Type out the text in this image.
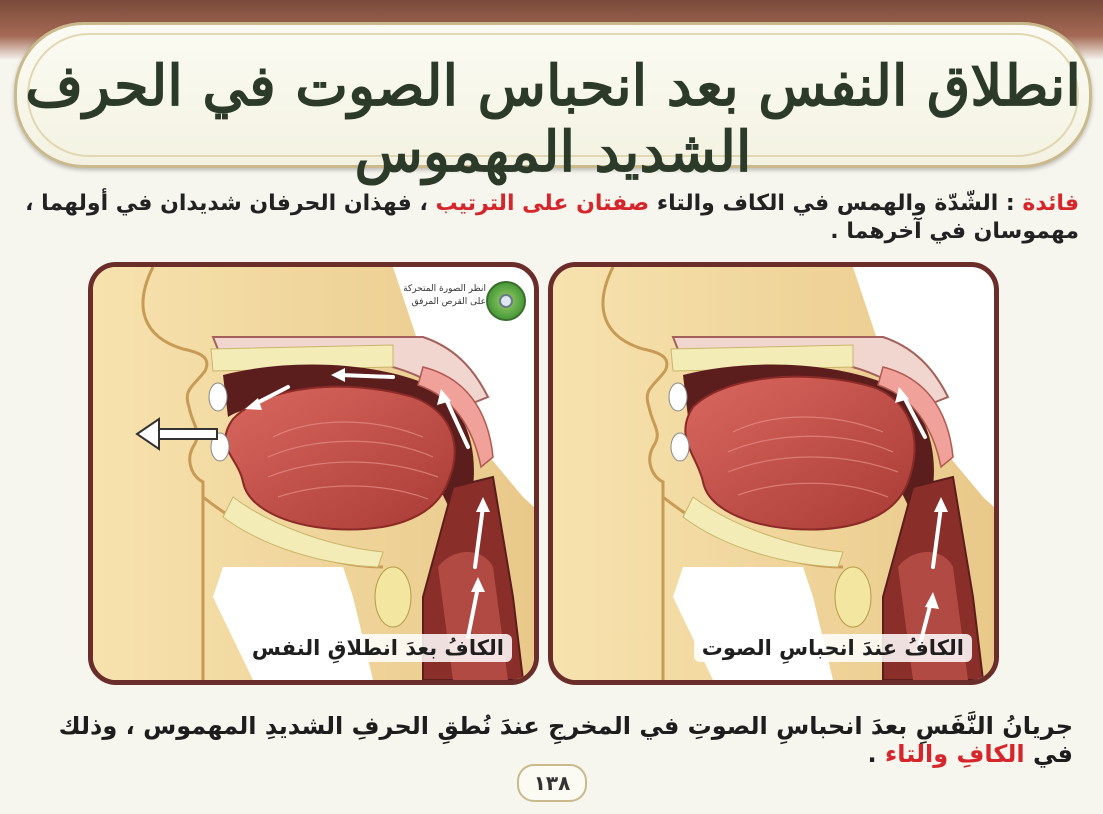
انطلاق النفس بعد انحباس الصوت في الحرف الشديد المهموس
فائدة : الشّدّة والهمس في الكاف والتاء صفتان على الترتيب ، فهذان الحرفان شديدان في أولهما ، مهموسان في آخرهما .
انظر الصورة المتحركة على القرص المرفق
الكافُ بعدَ انطلاقِ النفس	الكافُ عندَ انحباسِ الصوت
جريانُ النَّفَسِ بعدَ انحباسِ الصوتِ في المخرجِ عندَ نُطقِ الحرفِ الشديدِ المهموس ، وذلك في الكافِ والتاء .
١٣٨
